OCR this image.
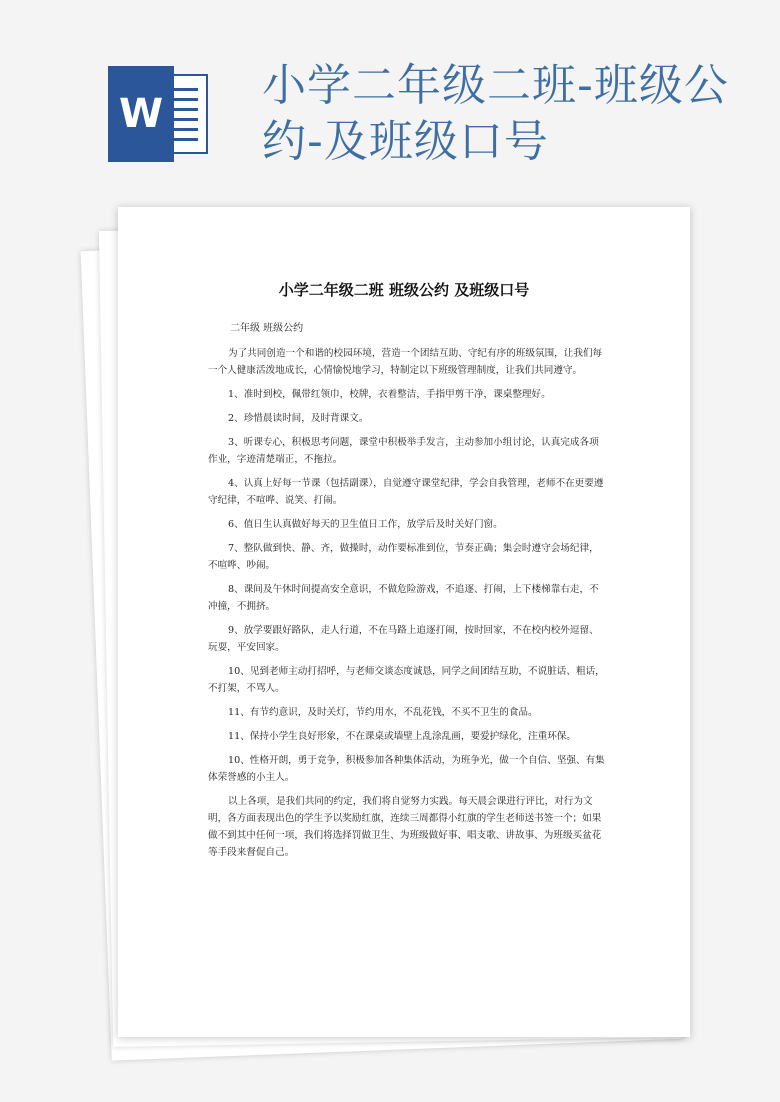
W
小学二年级二班-班级公约-及班级口号
小学二年级二班 班级公约 及班级口号
二年级 班级公约

为了共同创造一个和谐的校园环境，营造一个团结互助、守纪有序的班级氛围，让我们每一个人健康活泼地成长，心情愉悦地学习，特制定以下班级管理制度，让我们共同遵守。

1、准时到校，佩带红领巾，校牌，衣着整洁，手指甲剪干净，课桌整理好。

2、珍惜晨读时间，及时背课文。

3、听课专心，积极思考问题，课堂中积极举手发言，主动参加小组讨论，认真完成各项作业，字迹清楚端正，不拖拉。

4、认真上好每一节课（包括副课），自觉遵守课堂纪律，学会自我管理，老师不在更要遵守纪律，不喧哗、说笑、打闹。

6、值日生认真做好每天的卫生值日工作，放学后及时关好门窗。

7、整队做到快、静、齐，做操时，动作要标准到位，节奏正确；集会时遵守会场纪律，不喧哗、吵闹。

8、课间及午休时间提高安全意识，不做危险游戏，不追逐、打闹，上下楼梯靠右走，不冲撞，不拥挤。

9、放学要跟好路队，走人行道，不在马路上追逐打闹，按时回家，不在校内校外逗留、玩耍，平安回家。

10、见到老师主动打招呼，与老师交谈态度诚恳，同学之间团结互助，不说脏话、粗话，不打架，不骂人。

11、有节约意识，及时关灯，节约用水，不乱花钱，不买不卫生的食品。

11、保持小学生良好形象，不在课桌或墙壁上乱涂乱画，要爱护绿化，注重环保。

10、性格开朗，勇于竞争，积极参加各种集体活动，为班争光，做一个自信、坚强、有集体荣誉感的小主人。

以上各项，是我们共同的约定，我们将自觉努力实践。每天晨会课进行评比，对行为文明，各方面表现出色的学生予以奖励红旗，连续三周都得小红旗的学生老师送书签一个；如果做不到其中任何一项，我们将选择罚做卫生、为班级做好事、唱支歌、讲故事、为班级买盆花等手段来督促自己。
